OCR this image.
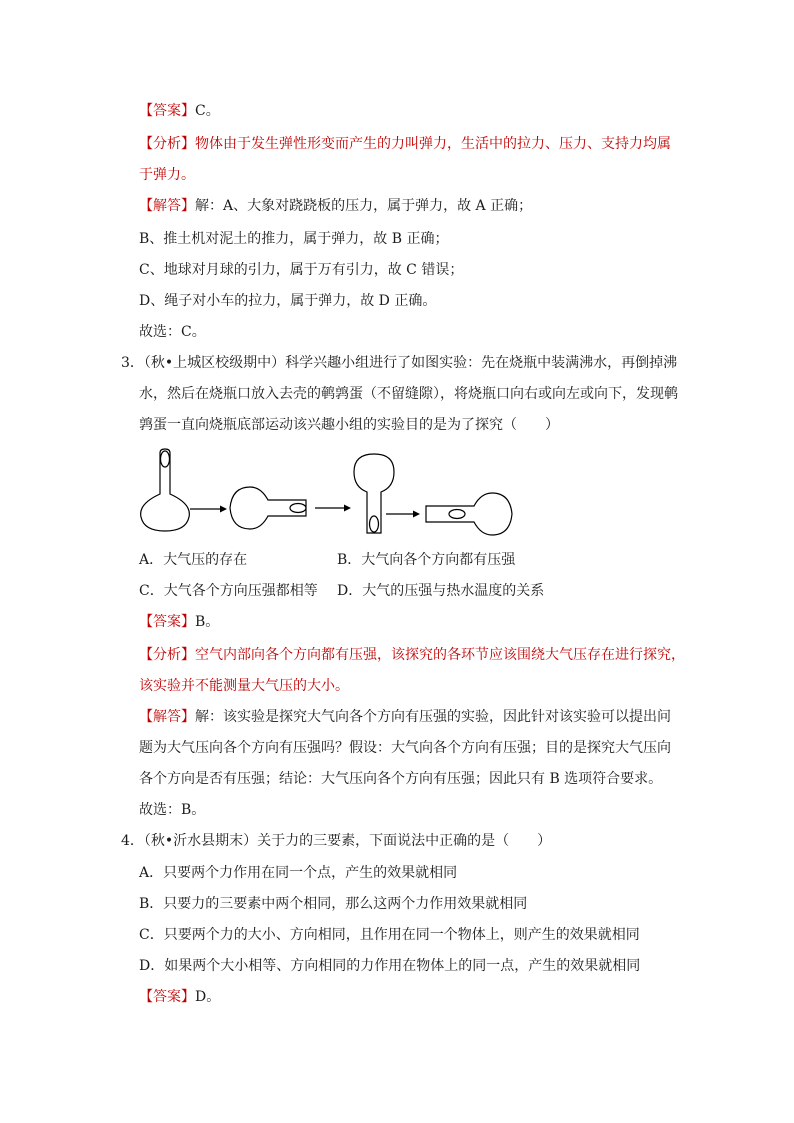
【答案】C。
【分析】物体由于发生弹性形变而产生的力叫弹力，生活中的拉力、压力、支持力均属
于弹力。
【解答】解：A、大象对跷跷板的压力，属于弹力，故 A 正确；
B、推土机对泥土的推力，属于弹力，故 B 正确；
C、地球对月球的引力，属于万有引力，故 C 错误；
D、绳子对小车的拉力，属于弹力，故 D 正确。
故选：C。
3．（秋•上城区校级期中）科学兴趣小组进行了如图实验：先在烧瓶中装满沸水，再倒掉沸
水，然后在烧瓶口放入去壳的鹌鹑蛋（不留缝隙），将烧瓶口向右或向左或向下，发现鹌
鹑蛋一直向烧瓶底部运动该兴趣小组的实验目的是为了探究（　　）
A．大气压的存在	B．大气向各个方向都有压强
C．大气各个方向压强都相等 D．大气的压强与热水温度的关系
【答案】B。
【分析】空气内部向各个方向都有压强，该探究的各环节应该围绕大气压存在进行探究，
该实验并不能测量大气压的大小。
【解答】解：该实验是探究大气向各个方向有压强的实验，因此针对该实验可以提出问
题为大气压向各个方向有压强吗？假设：大气向各个方向有压强；目的是探究大气压向
各个方向是否有压强；结论：大气压向各个方向有压强；因此只有 B 选项符合要求。
故选：B。
4．（秋•沂水县期末）关于力的三要素，下面说法中正确的是（　　）
A．只要两个力作用在同一个点，产生的效果就相同
B．只要力的三要素中两个相同，那么这两个力作用效果就相同
C．只要两个力的大小、方向相同，且作用在同一个物体上，则产生的效果就相同
D．如果两个大小相等、方向相同的力作用在物体上的同一点，产生的效果就相同
【答案】D。
